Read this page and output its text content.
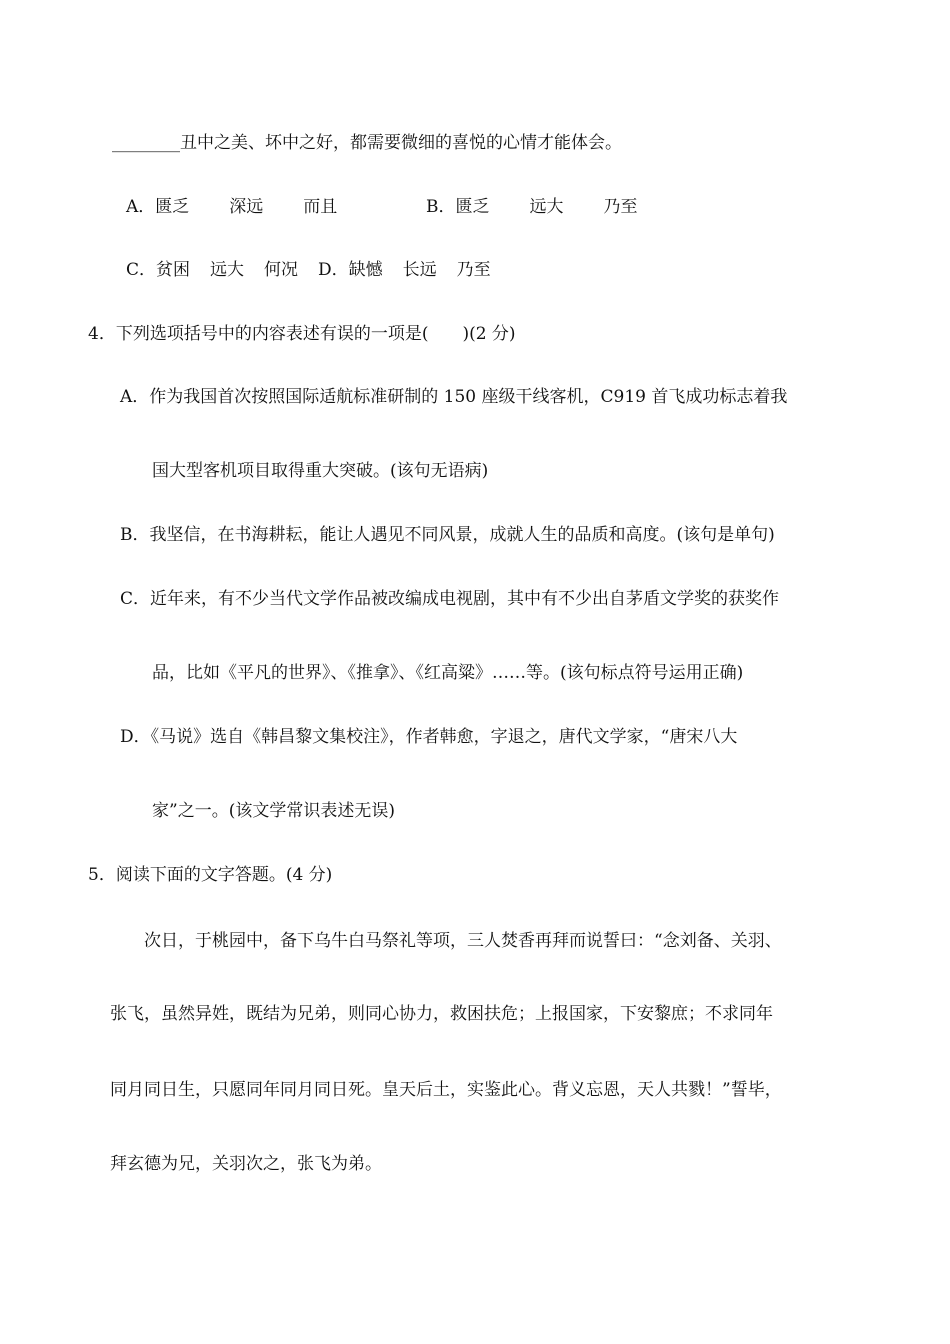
________丑中之美、坏中之好，都需要微细的喜悦的心情才能体会。
A．匮乏 深远 而且	B．匮乏 远大 乃至
C．贫困 远大 何况 D．缺憾 长远 乃至
4．下列选项括号中的内容表述有误的一项是(　　)(2 分)
A．作为我国首次按照国际适航标准研制的 150 座级干线客机，C919 首飞成功标志着我
国大型客机项目取得重大突破。(该句无语病)
B．我坚信，在书海耕耘，能让人遇见不同风景，成就人生的品质和高度。(该句是单句)
C．近年来，有不少当代文学作品被改编成电视剧，其中有不少出自茅盾文学奖的获奖作
品，比如《平凡的世界》、《推拿》、《红高粱》……等。(该句标点符号运用正确)
D．《马说》选自《韩昌黎文集校注》，作者韩愈，字退之，唐代文学家，“唐宋八大
家”之一。(该文学常识表述无误)
5．阅读下面的文字答题。(4 分)
次日，于桃园中，备下乌牛白马祭礼等项，三人焚香再拜而说誓曰：“念刘备、关羽、
张飞，虽然异姓，既结为兄弟，则同心协力，救困扶危；上报国家，下安黎庶；不求同年
同月同日生，只愿同年同月同日死。皇天后土，实鉴此心。背义忘恩，天人共戮！”誓毕，
拜玄德为兄，关羽次之，张飞为弟。
